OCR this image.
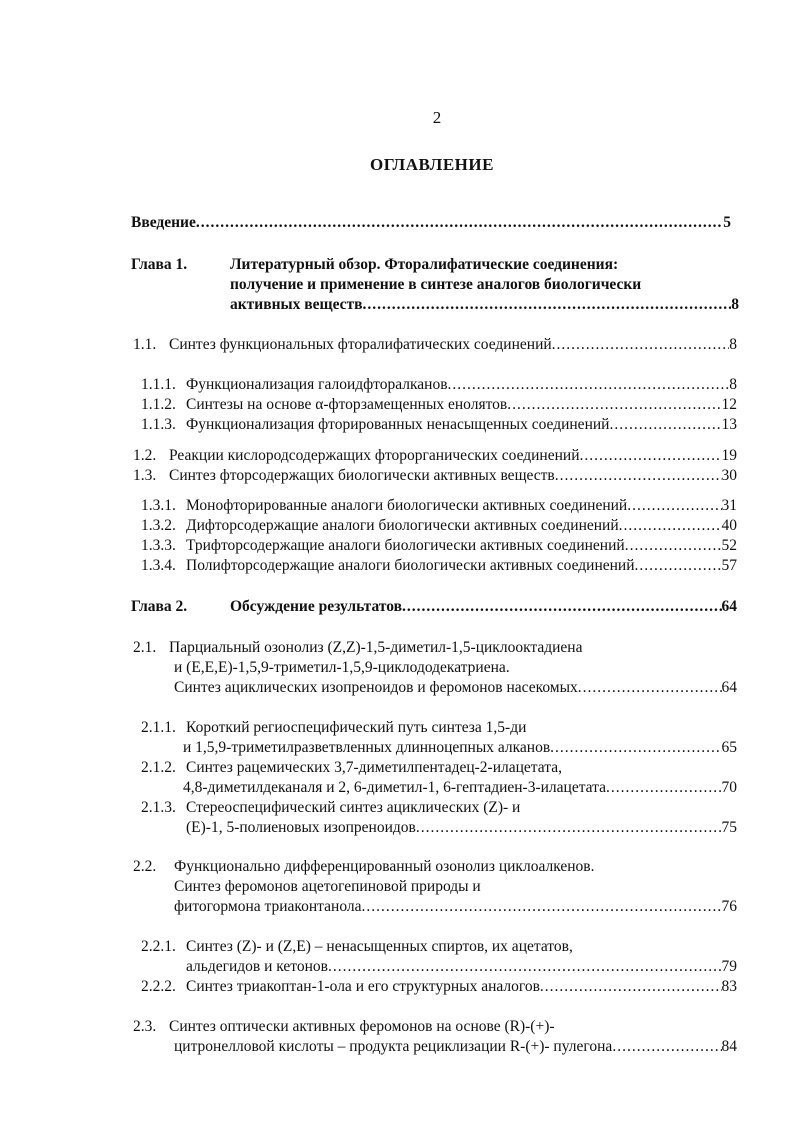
2
ОГЛАВЛЕНИЕ
Введение .....	5
Глава 1.	Литературный обзор. Фторалифатические соединения:
получение и применение в синтезе аналогов биологически
активных веществ .....	8
1.1. Синтез функциональных фторалифатических соединений .....	8
1.1.1. Функционализация галоидфторалканов .....	8
1.1.2. Синтезы на основе α-фторзамещенных енолятов .....	12
1.1.3. Функционализация фторированных ненасыщенных соединений .....	13
1.2. Реакции кислородсодержащих фторорганических соединений .....	19
1.3. Синтез фторсодержащих биологически активных веществ .....	30
1.3.1. Монофторированные аналоги биологически активных соединений .....	31
1.3.2. Дифторсодержащие аналоги биологически активных соединений .....	40
1.3.3. Трифторсодержащие аналоги биологически активных соединений .....	52
1.3.4. Полифторсодержащие аналоги биологически активных соединений .....	57
Глава 2.	Обсуждение результатов .....	64
2.1. Парциальный озонолиз (Z,Z)-1,5-диметил-1,5-циклооктадиена
и (E,E,E)-1,5,9-триметил-1,5,9-циклододекатриена.
Синтез ациклических изопреноидов и феромонов насекомых .....	64
2.1.1. Короткий региоспецифический путь синтеза 1,5-ди
и 1,5,9-триметилразветвленных длинноцепных алканов .....	65
2.1.2. Синтез рацемических 3,7-диметилпентадец-2-илацетата,
4,8-диметилдеканаля и 2, 6-диметил-1, 6-гептадиен-3-илацетата .....	70
2.1.3. Стереоспецифический синтез ациклических (Z)- и
(E)-1, 5-полиеновых изопреноидов .....	75
2.2. Функционально дифференцированный озонолиз циклоалкенов.
Синтез феромонов ацетогепиновой природы и
фитогормона триаконтанола .....	76
2.2.1. Синтез (Z)- и (Z,E) – ненасыщенных спиртов, их ацетатов,
альдегидов и кетонов .....	79
2.2.2. Синтез триакоптан-1-ола и его структурных аналогов .....	83
2.3. Синтез оптически активных феромонов на основе (R)-(+)-
цитронелловой кислоты – продукта рециклизации R-(+)- пулегона .....	84
